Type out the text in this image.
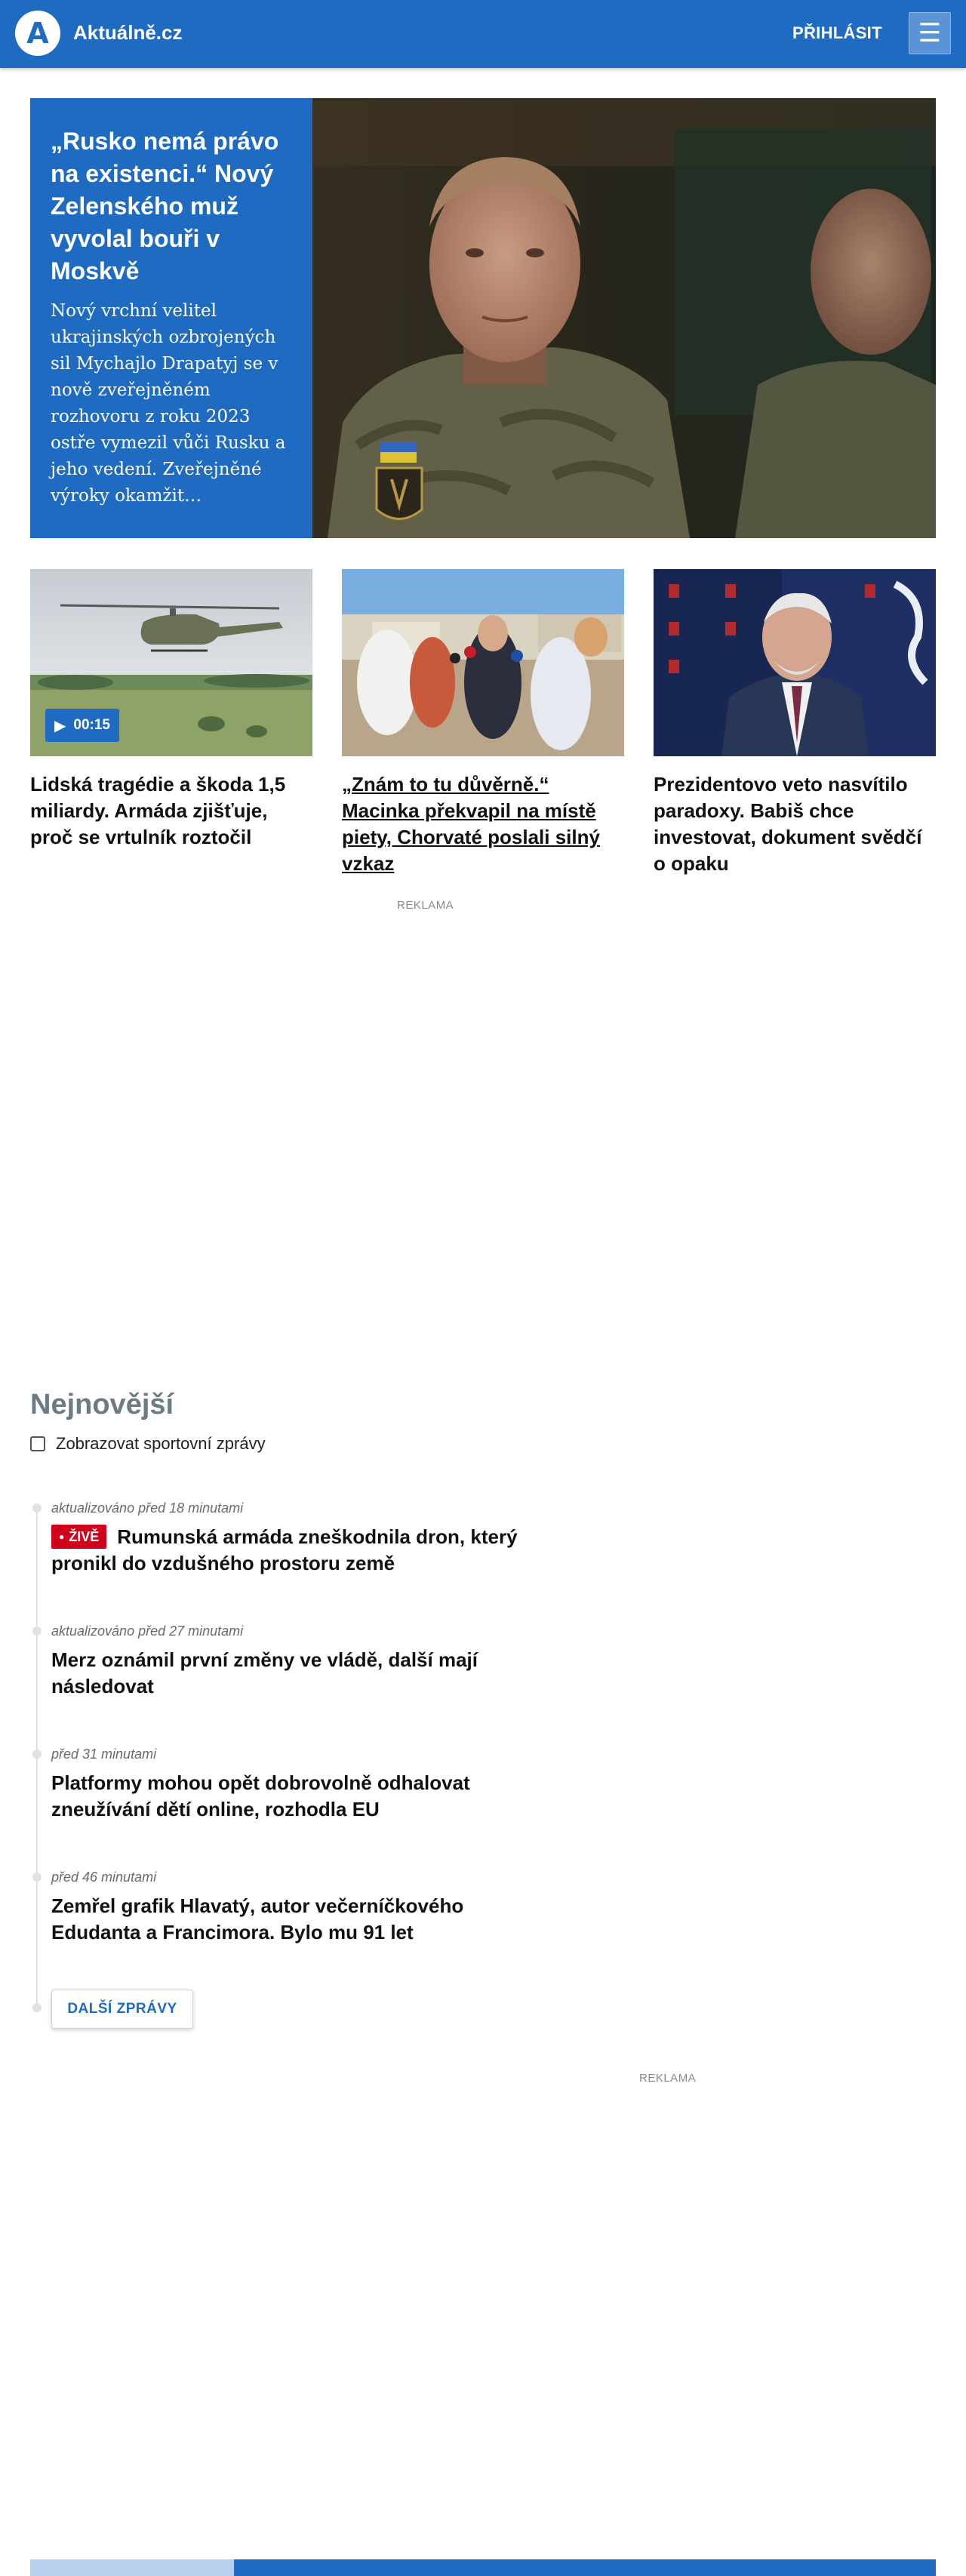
A Aktuálně.cz	PŘIHLÁSIT ☰
„Rusko nemá právo na existenci.“ Nový Zelenského muž vyvolal bouři v Moskvě
Nový vrchní velitel ukrajinských ozbrojených sil Mychajlo Drapatyj se v nově zveřejněném rozhovoru z roku 2023 ostře vymezil vůči Rusku a jeho vedení. Zveřejněné výroky okamžit…
▶ 00:15
Lidská tragédie a škoda 1,5 miliardy. Armáda zjišťuje, proč se vrtulník roztočil
„Znám to tu důvěrně.“ Macinka překvapil na místě piety, Chorvaté poslali silný vzkaz
Prezidentovo veto nasvítilo paradoxy. Babiš chce investovat, dokument svědčí o opaku
REKLAMA
Nejnovější
Zobrazovat sportovní zprávy
aktualizováno před 18 minutami
● ŽIVĚ Rumunská armáda zneškodnila dron, který pronikl do vzdušného prostoru země
aktualizováno před 27 minutami
Merz oznámil první změny ve vládě, další mají následovat
před 31 minutami
Platformy mohou opět dobrovolně odhalovat zneužívání dětí online, rozhodla EU
před 46 minutami
Zemřel grafik Hlavatý, autor večerníčkového Edudanta a Francimora. Bylo mu 91 let
DALŠÍ ZPRÁVY
REKLAMA
